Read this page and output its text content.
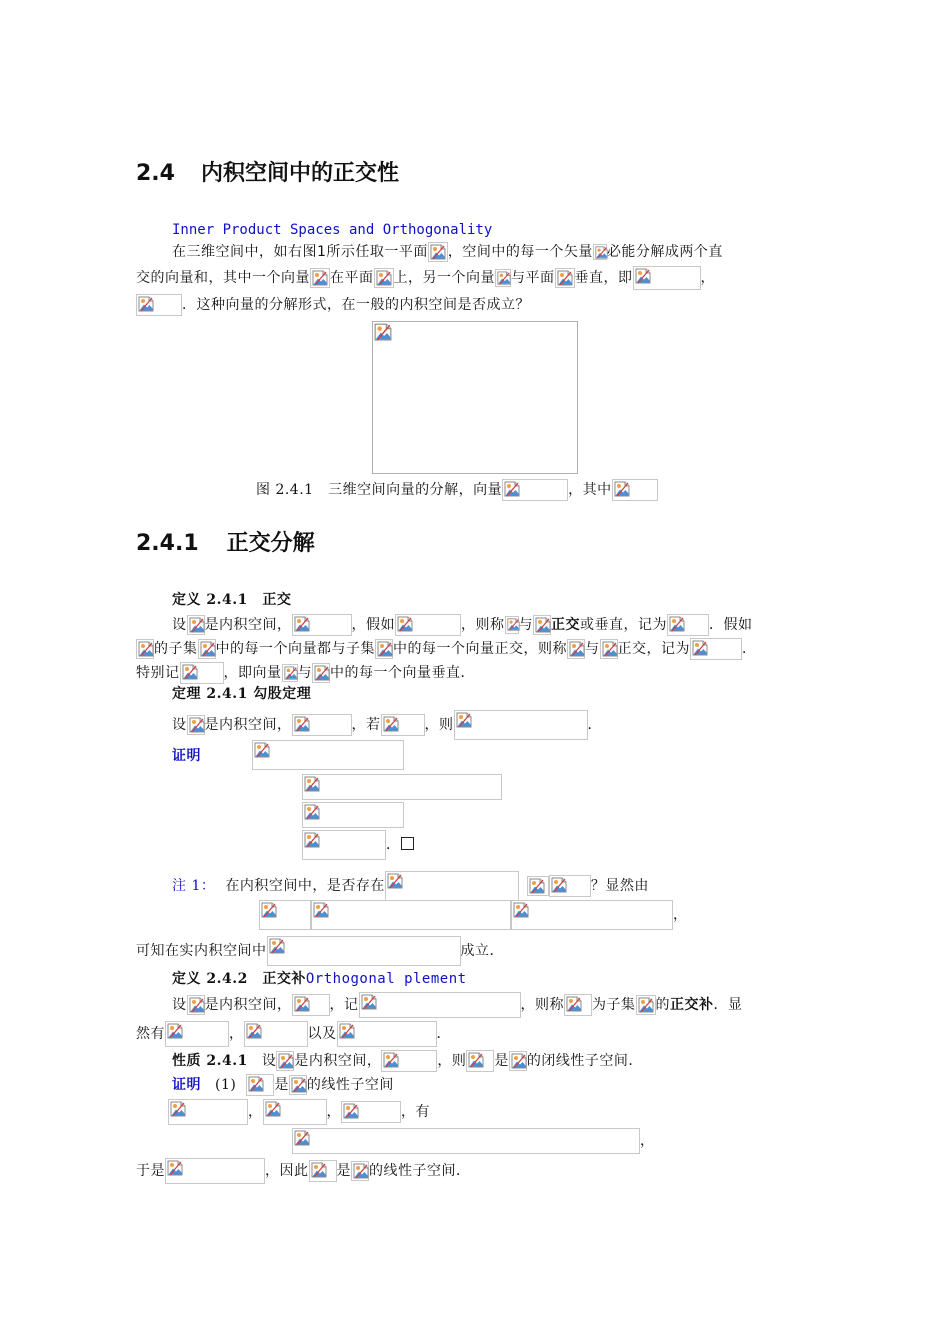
2.4 内积空间中的正交性
Inner Product Spaces and Orthogonality
在三维空间中，如右图1所示任取一平面 ，空间中的每一个矢量 必能分解成两个直
交的向量和，其中一个向量 在平面 上，另一个向量 与平面 垂直，即	，
．这种向量的分解形式，在一般的内积空间是否成立？
图 2.4.1　三维空间向量的分解，向量	，其中
2.4.1 正交分解
定义 2.4.1　正交
设 是内积空间，	，假如	，则称 与 正交或垂直，记为	．假如
的子集 中的每一个向量都与子集 中的每一个向量正交，则称 与 正交，记为	．
特别记	，即向量 与 中的每一个向量垂直．
定理 2.4.1 勾股定理
设 是内积空间，	，若	，则	．
证明
．
注 1： 在内积空间中，是否存在	？显然由
，
可知在实内积空间中	成立．
定义 2.4.2　正交补Orthogonal plement
设 是内积空间，	，记	，则称 为子集 的正交补．显
然有	，	以及	．
性质 2.4.1 设 是内积空间，	，则 是 的闭线性子空间．
证明 (1)	是 的线性子空间
，	，	，有
，
于是	，因此 是 的线性子空间．
